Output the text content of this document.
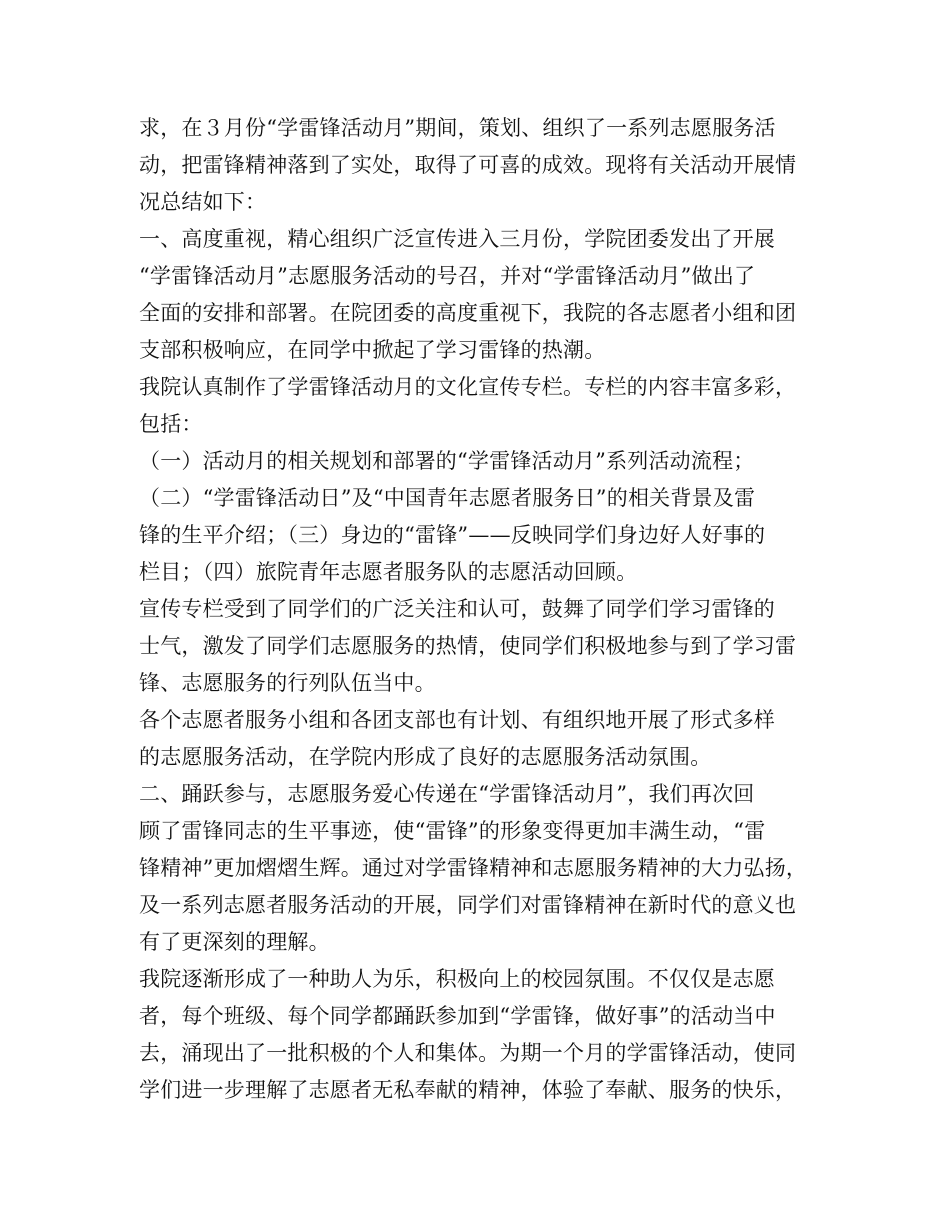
求，在３月份“学雷锋活动月”期间，策划、组织了一系列志愿服务活
动，把雷锋精神落到了实处，取得了可喜的成效。现将有关活动开展情
况总结如下：
一、高度重视，精心组织广泛宣传进入三月份，学院团委发出了开展
“学雷锋活动月”志愿服务活动的号召，并对“学雷锋活动月”做出了
全面的安排和部署。在院团委的高度重视下，我院的各志愿者小组和团
支部积极响应，在同学中掀起了学习雷锋的热潮。
我院认真制作了学雷锋活动月的文化宣传专栏。专栏的内容丰富多彩，
包括：
（一）活动月的相关规划和部署的“学雷锋活动月”系列活动流程；
（二）“学雷锋活动日”及“中国青年志愿者服务日”的相关背景及雷
锋的生平介绍；（三）身边的“雷锋”——反映同学们身边好人好事的
栏目；（四）旅院青年志愿者服务队的志愿活动回顾。
宣传专栏受到了同学们的广泛关注和认可，鼓舞了同学们学习雷锋的
士气，激发了同学们志愿服务的热情，使同学们积极地参与到了学习雷
锋、志愿服务的行列队伍当中。
各个志愿者服务小组和各团支部也有计划、有组织地开展了形式多样
的志愿服务活动，在学院内形成了良好的志愿服务活动氛围。
二、踊跃参与，志愿服务爱心传递在“学雷锋活动月”，我们再次回
顾了雷锋同志的生平事迹，使“雷锋”的形象变得更加丰满生动，“雷
锋精神”更加熠熠生辉。通过对学雷锋精神和志愿服务精神的大力弘扬，
及一系列志愿者服务活动的开展，同学们对雷锋精神在新时代的意义也
有了更深刻的理解。
我院逐渐形成了一种助人为乐，积极向上的校园氛围。不仅仅是志愿
者，每个班级、每个同学都踊跃参加到“学雷锋，做好事”的活动当中
去，涌现出了一批积极的个人和集体。为期一个月的学雷锋活动，使同
学们进一步理解了志愿者无私奉献的精神，体验了奉献、服务的快乐，
